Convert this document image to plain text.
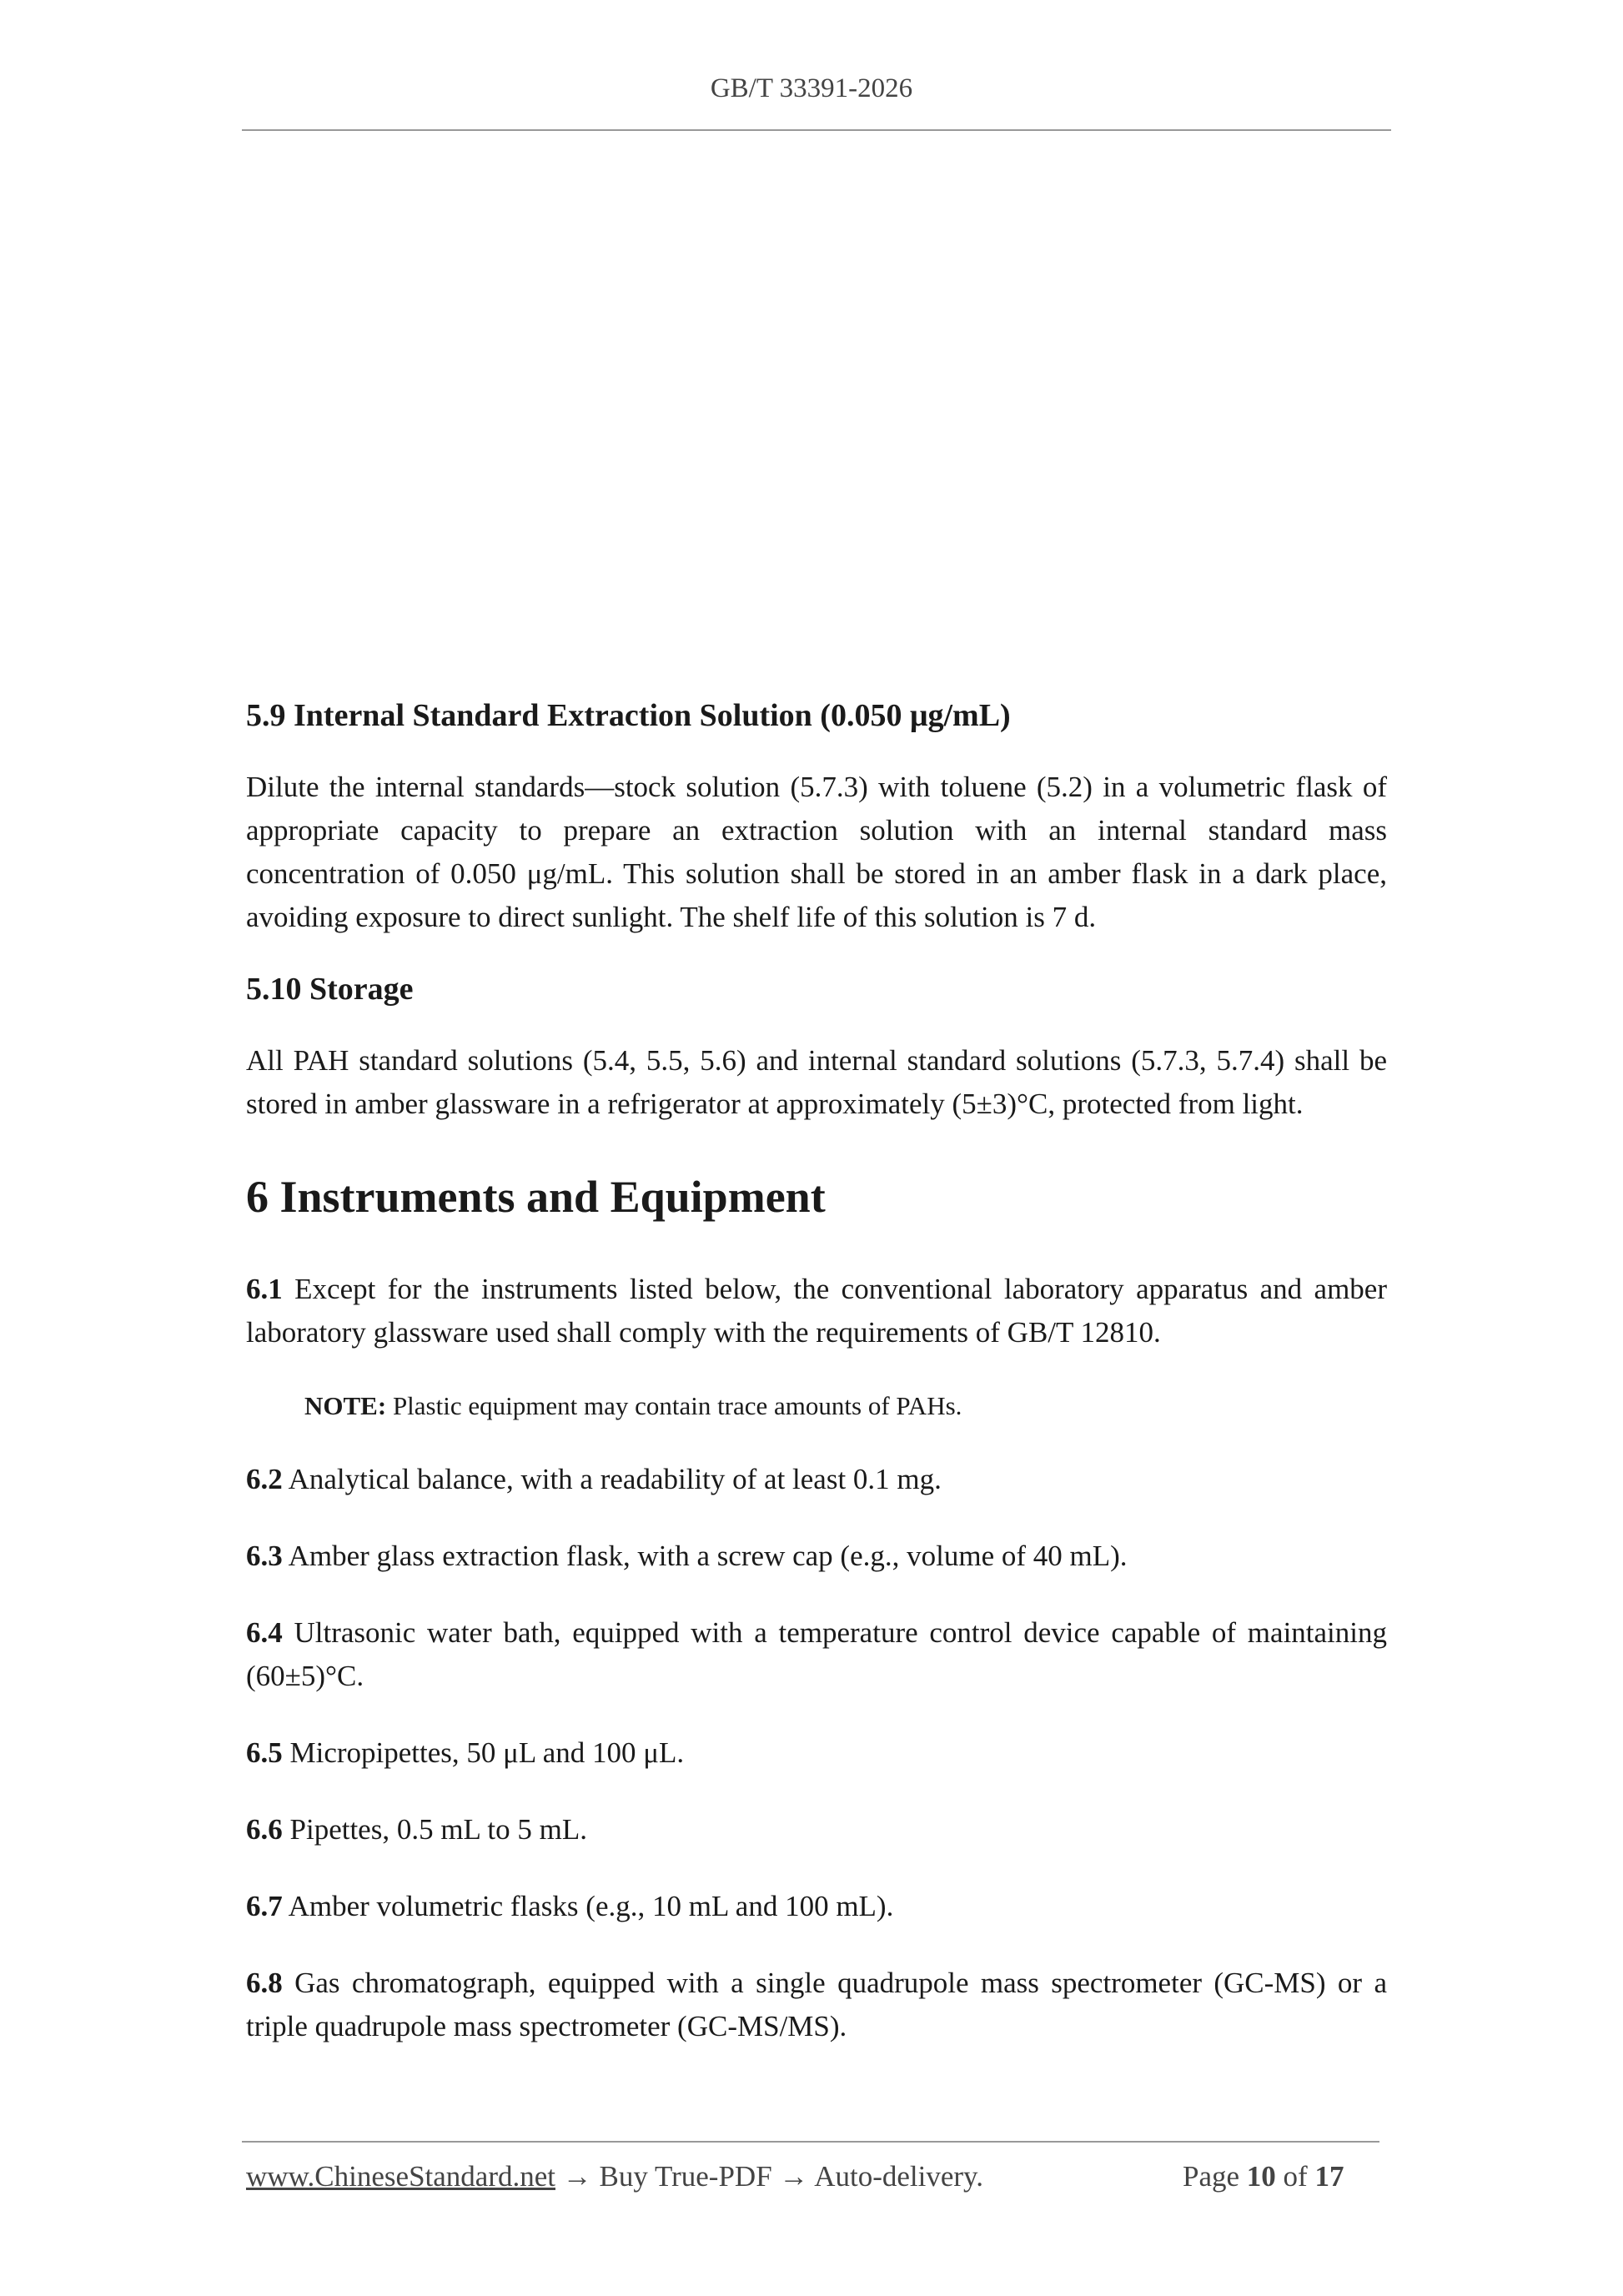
GB/T 33391-2026
5.9 Internal Standard Extraction Solution (0.050 μg/mL)

Dilute the internal standards—stock solution (5.7.3) with toluene (5.2) in a volumetric flask of appropriate capacity to prepare an extraction solution with an internal standard mass concentration of 0.050 μg/mL. This solution shall be stored in an amber flask in a dark place, avoiding exposure to direct sunlight. The shelf life of this solution is 7 d.

5.10 Storage

All PAH standard solutions (5.4, 5.5, 5.6) and internal standard solutions (5.7.3, 5.7.4) shall be stored in amber glassware in a refrigerator at approximately (5±3)°C, protected from light.

6 Instruments and Equipment

6.1 Except for the instruments listed below, the conventional laboratory apparatus and amber laboratory glassware used shall comply with the requirements of GB/T 12810.

NOTE: Plastic equipment may contain trace amounts of PAHs.

6.2 Analytical balance, with a readability of at least 0.1 mg.

6.3 Amber glass extraction flask, with a screw cap (e.g., volume of 40 mL).

6.4 Ultrasonic water bath, equipped with a temperature control device capable of maintaining (60±5)°C.

6.5 Micropipettes, 50 μL and 100 μL.

6.6 Pipettes, 0.5 mL to 5 mL.

6.7 Amber volumetric flasks (e.g., 10 mL and 100 mL).

6.8 Gas chromatograph, equipped with a single quadrupole mass spectrometer (GC-MS) or a triple quadrupole mass spectrometer (GC-MS/MS).

www.ChineseStandard.net → Buy True-PDF → Auto-delivery.	Page 10 of 17
